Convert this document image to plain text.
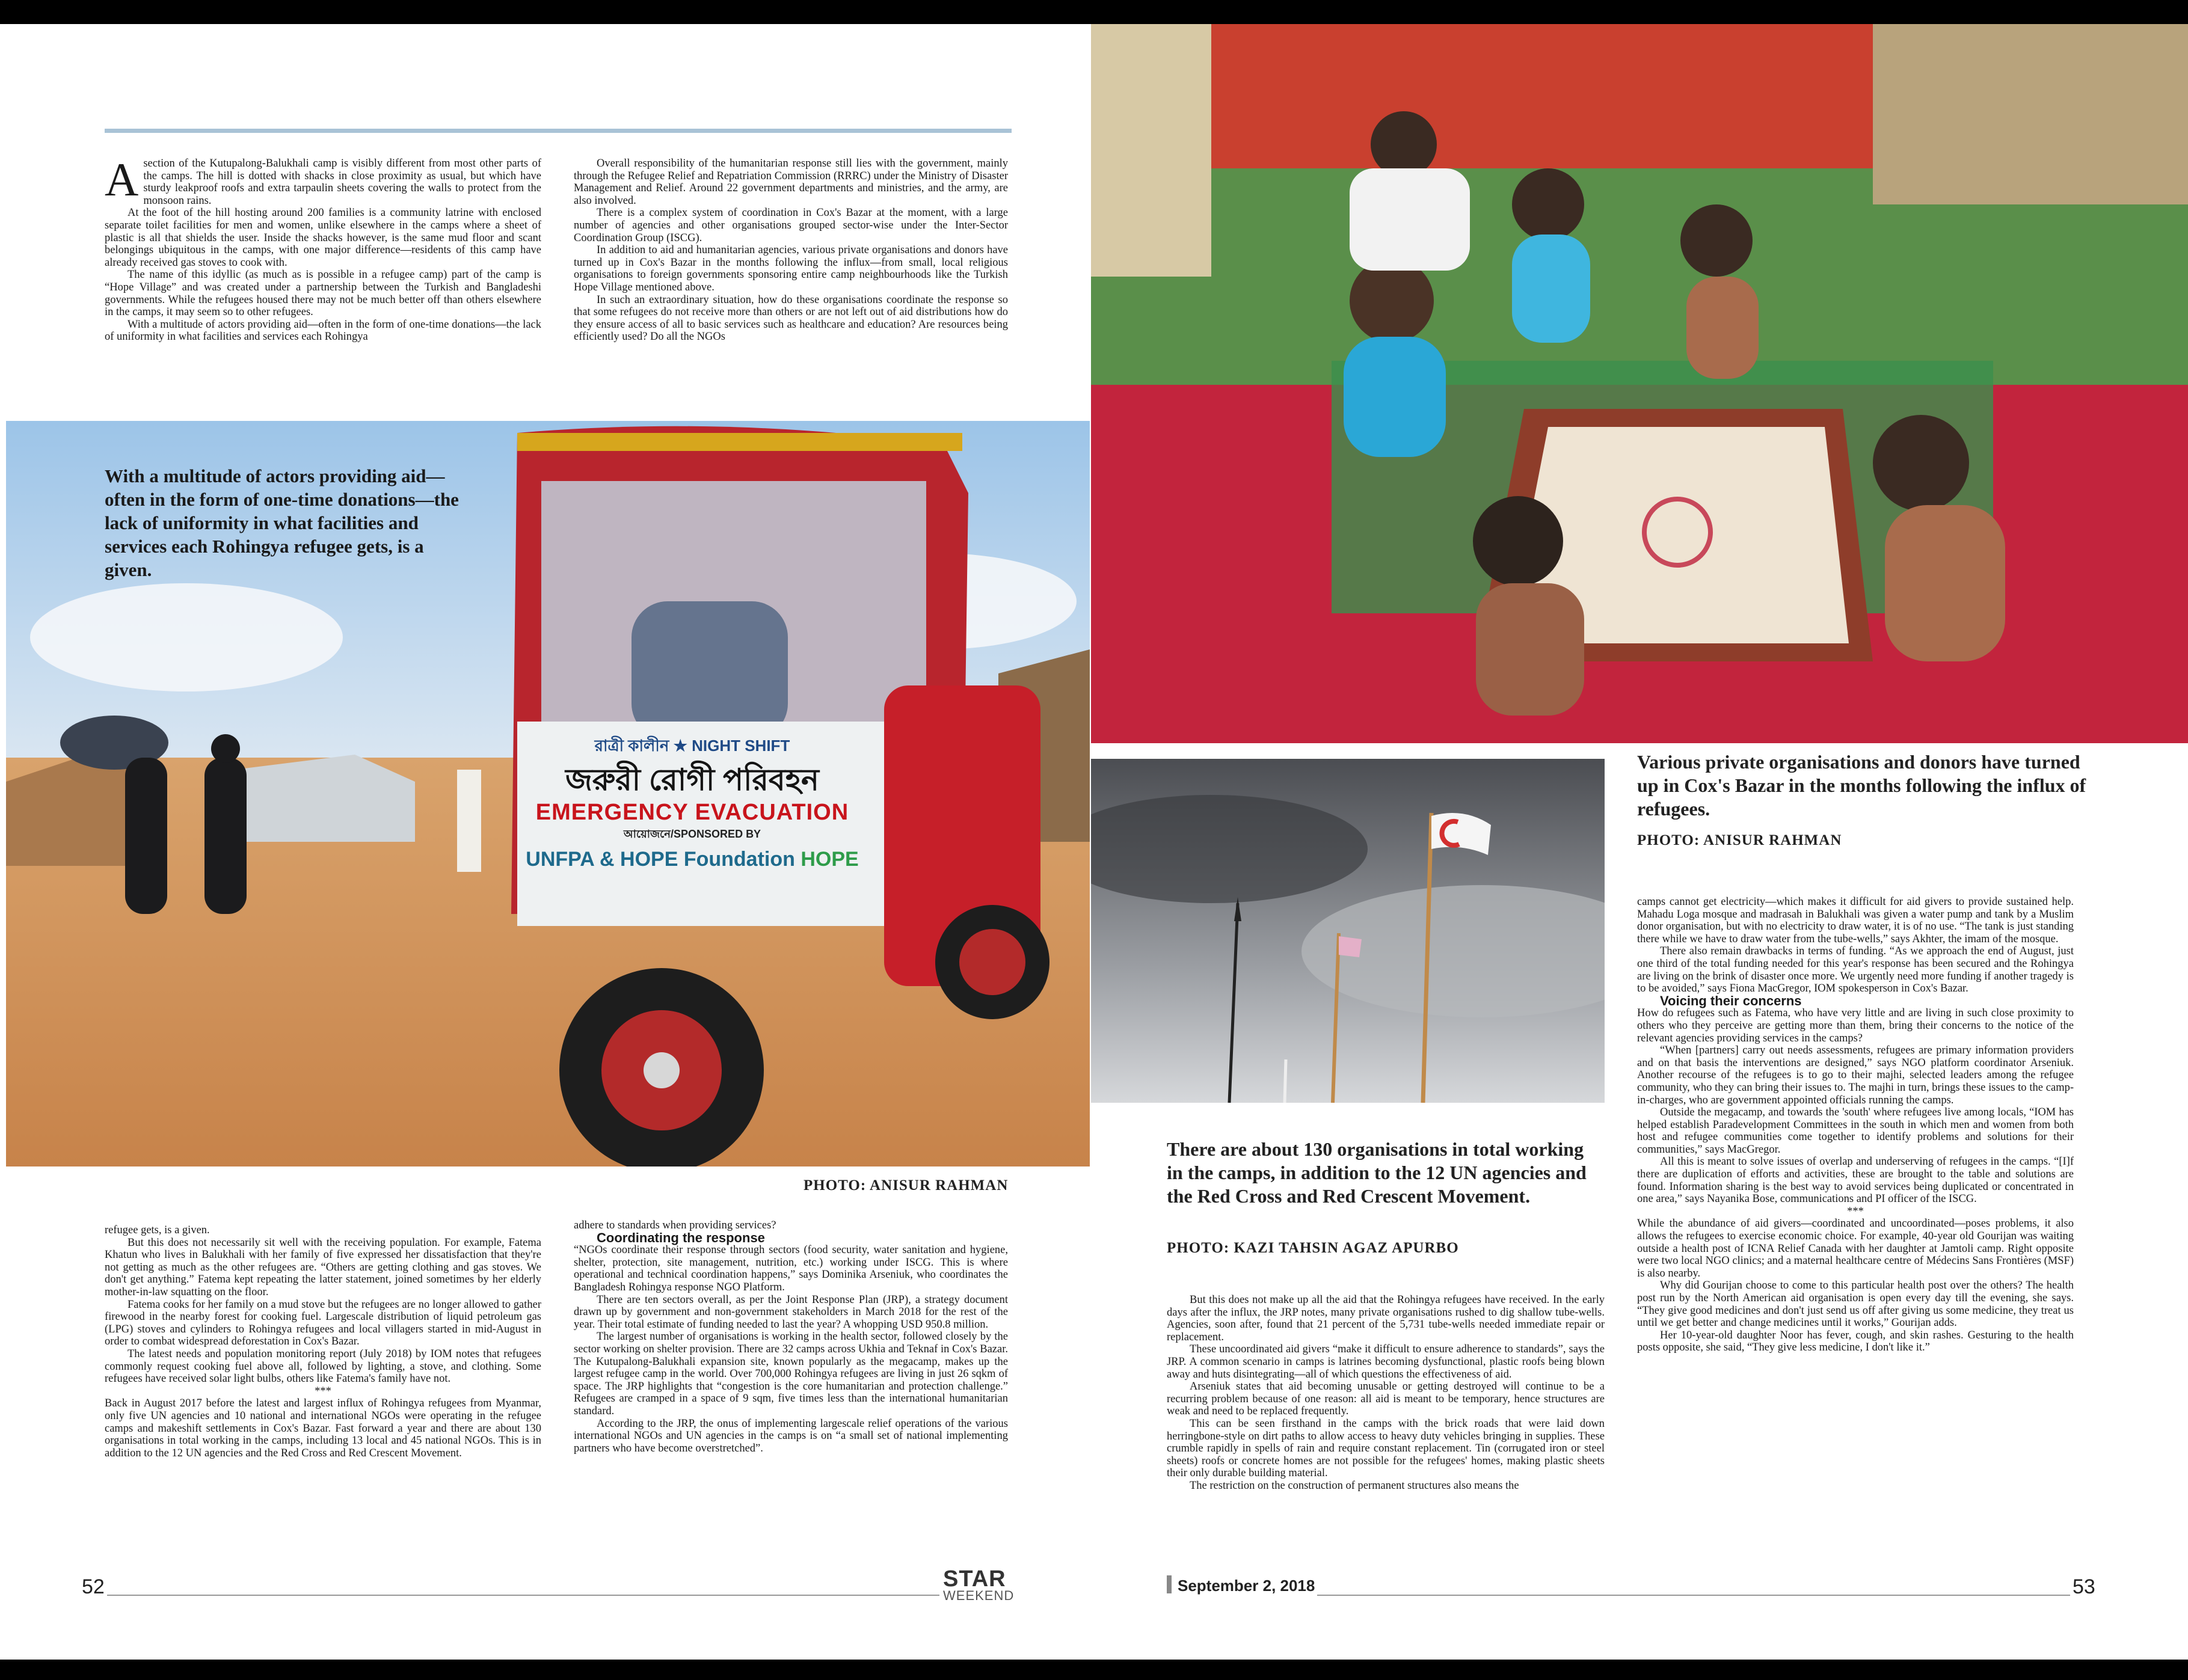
Asection of the Kutupalong-Balukhali camp is visibly different from most other parts of the camps. The hill is dotted with shacks in close proximity as usual, but which have sturdy leakproof roofs and extra tarpaulin sheets covering the walls to protect from the monsoon rains.

At the foot of the hill hosting around 200 families is a community latrine with enclosed separate toilet facilities for men and women, unlike elsewhere in the camps where a sheet of plastic is all that shields the user. Inside the shacks however, is the same mud floor and scant belongings ubiquitous in the camps, with one major difference—residents of this camp have already received gas stoves to cook with.

The name of this idyllic (as much as is possible in a refugee camp) part of the camp is “Hope Village” and was created under a partnership between the Turkish and Bangladeshi governments. While the refugees housed there may not be much better off than others elsewhere in the camps, it may seem so to other refugees.

With a multitude of actors providing aid—often in the form of one-time donations—the lack of uniformity in what facilities and services each Rohingya

Overall responsibility of the humanitarian response still lies with the government, mainly through the Refugee Relief and Repatriation Commission (RRRC) under the Ministry of Disaster Management and Relief. Around 22 government departments and ministries, and the army, are also involved.

There is a complex system of coordination in Cox's Bazar at the moment, with a large number of agencies and other organisations grouped sector-wise under the Inter-Sector Coordination Group (ISCG).

In addition to aid and humanitarian agencies, various private organisations and donors have turned up in Cox's Bazar in the months following the influx—from small, local religious organisations to foreign governments sponsoring entire camp neighbourhoods like the Turkish Hope Village mentioned above.

In such an extraordinary situation, how do these organisations coordinate the response so that some refugees do not receive more than others or are not left out of aid distributions how do they ensure access of all to basic services such as healthcare and education? Are resources being efficiently used? Do all the NGOs

রাত্রী কালীন ★ NIGHT SHIFT
জরুরী রোগী পরিবহন
EMERGENCY EVACUATION
আয়োজনে/SPONSORED BY
UNFPA & HOPE Foundation HOPE
With a multitude of actors providing aid—often in the form of one-time donations—the lack of uniformity in what facilities and services each Rohingya refugee gets, is a given.
PHOTO: ANISUR RAHMAN

refugee gets, is a given.

But this does not necessarily sit well with the receiving population. For example, Fatema Khatun who lives in Balukhali with her family of five expressed her dissatisfaction that they're not getting as much as the other refugees are. “Others are getting clothing and gas stoves. We don't get anything.” Fatema kept repeating the latter statement, joined sometimes by her elderly mother-in-law squatting on the floor.

Fatema cooks for her family on a mud stove but the refugees are no longer allowed to gather firewood in the nearby forest for cooking fuel. Largescale distribution of liquid petroleum gas (LPG) stoves and cylinders to Rohingya refugees and local villagers started in mid-August in order to combat widespread deforestation in Cox's Bazar.

The latest needs and population monitoring report (July 2018) by IOM notes that refugees commonly request cooking fuel above all, followed by lighting, a stove, and clothing. Some refugees have received solar light bulbs, others like Fatema's family have not.

***

Back in August 2017 before the latest and largest influx of Rohingya refugees from Myanmar, only five UN agencies and 10 national and international NGOs were operating in the refugee camps and makeshift settlements in Cox's Bazar. Fast forward a year and there are about 130 organisations in total working in the camps, including 13 local and 45 national NGOs. This is in addition to the 12 UN agencies and the Red Cross and Red Crescent Movement.

adhere to standards when providing services?

Coordinating the response

“NGOs coordinate their response through sectors (food security, water sanitation and hygiene, shelter, protection, site management, nutrition, etc.) working under ISCG. This is where operational and technical coordination happens,” says Dominika Arseniuk, who coordinates the Bangladesh Rohingya response NGO Platform.

There are ten sectors overall, as per the Joint Response Plan (JRP), a strategy document drawn up by government and non-government stakeholders in March 2018 for the rest of the year. Their total estimate of funding needed to last the year? A whopping USD 950.8 million.

The largest number of organisations is working in the health sector, followed closely by the sector working on shelter provision. There are 32 camps across Ukhia and Teknaf in Cox's Bazar. The Kutupalong-Balukhali expansion site, known popularly as the megacamp, makes up the largest refugee camp in the world. Over 700,000 Rohingya refugees are living in just 26 sqkm of space. The JRP highlights that “congestion is the core humanitarian and protection challenge.” Refugees are cramped in a space of 9 sqm, five times less than the international humanitarian standard.

According to the JRP, the onus of implementing largescale relief operations of the various international NGOs and UN agencies in the camps is on “a small set of national implementing partners who have become overstretched”.

52	STAR
WEEKEND
Various private organisations and donors have turned up in Cox's Bazar in the months following the influx of refugees.
PHOTO: ANISUR RAHMAN
There are about 130 organisations in total working in the camps, in addition to the 12 UN agencies and the Red Cross and Red Crescent Movement.
PHOTO: KAZI TAHSIN AGAZ APURBO

But this does not make up all the aid that the Rohingya refugees have received. In the early days after the influx, the JRP notes, many private organisations rushed to dig shallow tube-wells. Agencies, soon after, found that 21 percent of the 5,731 tube-wells needed immediate repair or replacement.

These uncoordinated aid givers “make it difficult to ensure adherence to standards”, says the JRP. A common scenario in camps is latrines becoming dysfunctional, plastic roofs being blown away and huts disintegrating—all of which questions the effectiveness of aid.

Arseniuk states that aid becoming unusable or getting destroyed will continue to be a recurring problem because of one reason: all aid is meant to be temporary, hence structures are weak and need to be replaced frequently.

This can be seen firsthand in the camps with the brick roads that were laid down herringbone-style on dirt paths to allow access to heavy duty vehicles bringing in supplies. These crumble rapidly in spells of rain and require constant replacement. Tin (corrugated iron or steel sheets) roofs or concrete homes are not possible for the refugees' homes, making plastic sheets their only durable building material.

The restriction on the construction of permanent structures also means the

camps cannot get electricity—which makes it difficult for aid givers to provide sustained help. Mahadu Loga mosque and madrasah in Balukhali was given a water pump and tank by a Muslim donor organisation, but with no electricity to draw water, it is of no use. “The tank is just standing there while we have to draw water from the tube-wells,” says Akhter, the imam of the mosque.

There also remain drawbacks in terms of funding. “As we approach the end of August, just one third of the total funding needed for this year's response has been secured and the Rohingya are living on the brink of disaster once more. We urgently need more funding if another tragedy is to be avoided,” says Fiona MacGregor, IOM spokesperson in Cox's Bazar.

Voicing their concerns

How do refugees such as Fatema, who have very little and are living in such close proximity to others who they perceive are getting more than them, bring their concerns to the notice of the relevant agencies providing services in the camps?

“When [partners] carry out needs assessments, refugees are primary information providers and on that basis the interventions are designed,” says NGO platform coordinator Arseniuk. Another recourse of the refugees is to go to their majhi, selected leaders among the refugee community, who they can bring their issues to. The majhi in turn, brings these issues to the camp-in-charges, who are government appointed officials running the camps.

Outside the megacamp, and towards the 'south' where refugees live among locals, “IOM has helped establish Paradevelopment Committees in the south in which men and women from both host and refugee communities come together to identify problems and solutions for their communities,” says MacGregor.

All this is meant to solve issues of overlap and underserving of refugees in the camps. “[I]f there are duplication of efforts and activities, these are brought to the table and solutions are found. Information sharing is the best way to avoid services being duplicated or concentrated in one area,” says Nayanika Bose, communications and PI officer of the ISCG.

***

While the abundance of aid givers—coordinated and uncoordinated—poses problems, it also allows the refugees to exercise economic choice. For example, 40-year old Gourijan was waiting outside a health post of ICNA Relief Canada with her daughter at Jamtoli camp. Right opposite were two local NGO clinics; and a maternal healthcare centre of Médecins Sans Frontières (MSF) is also nearby.

Why did Gourijan choose to come to this particular health post over the others? The health post run by the North American aid organisation is open every day till the evening, she says. “They give good medicines and don't just send us off after giving us some medicine, they treat us until we get better and change medicines until it works,” Gourijan adds.

Her 10-year-old daughter Noor has fever, cough, and skin rashes. Gesturing to the health posts opposite, she said, “They give less medicine, I don't like it.”

September 2, 2018	53
